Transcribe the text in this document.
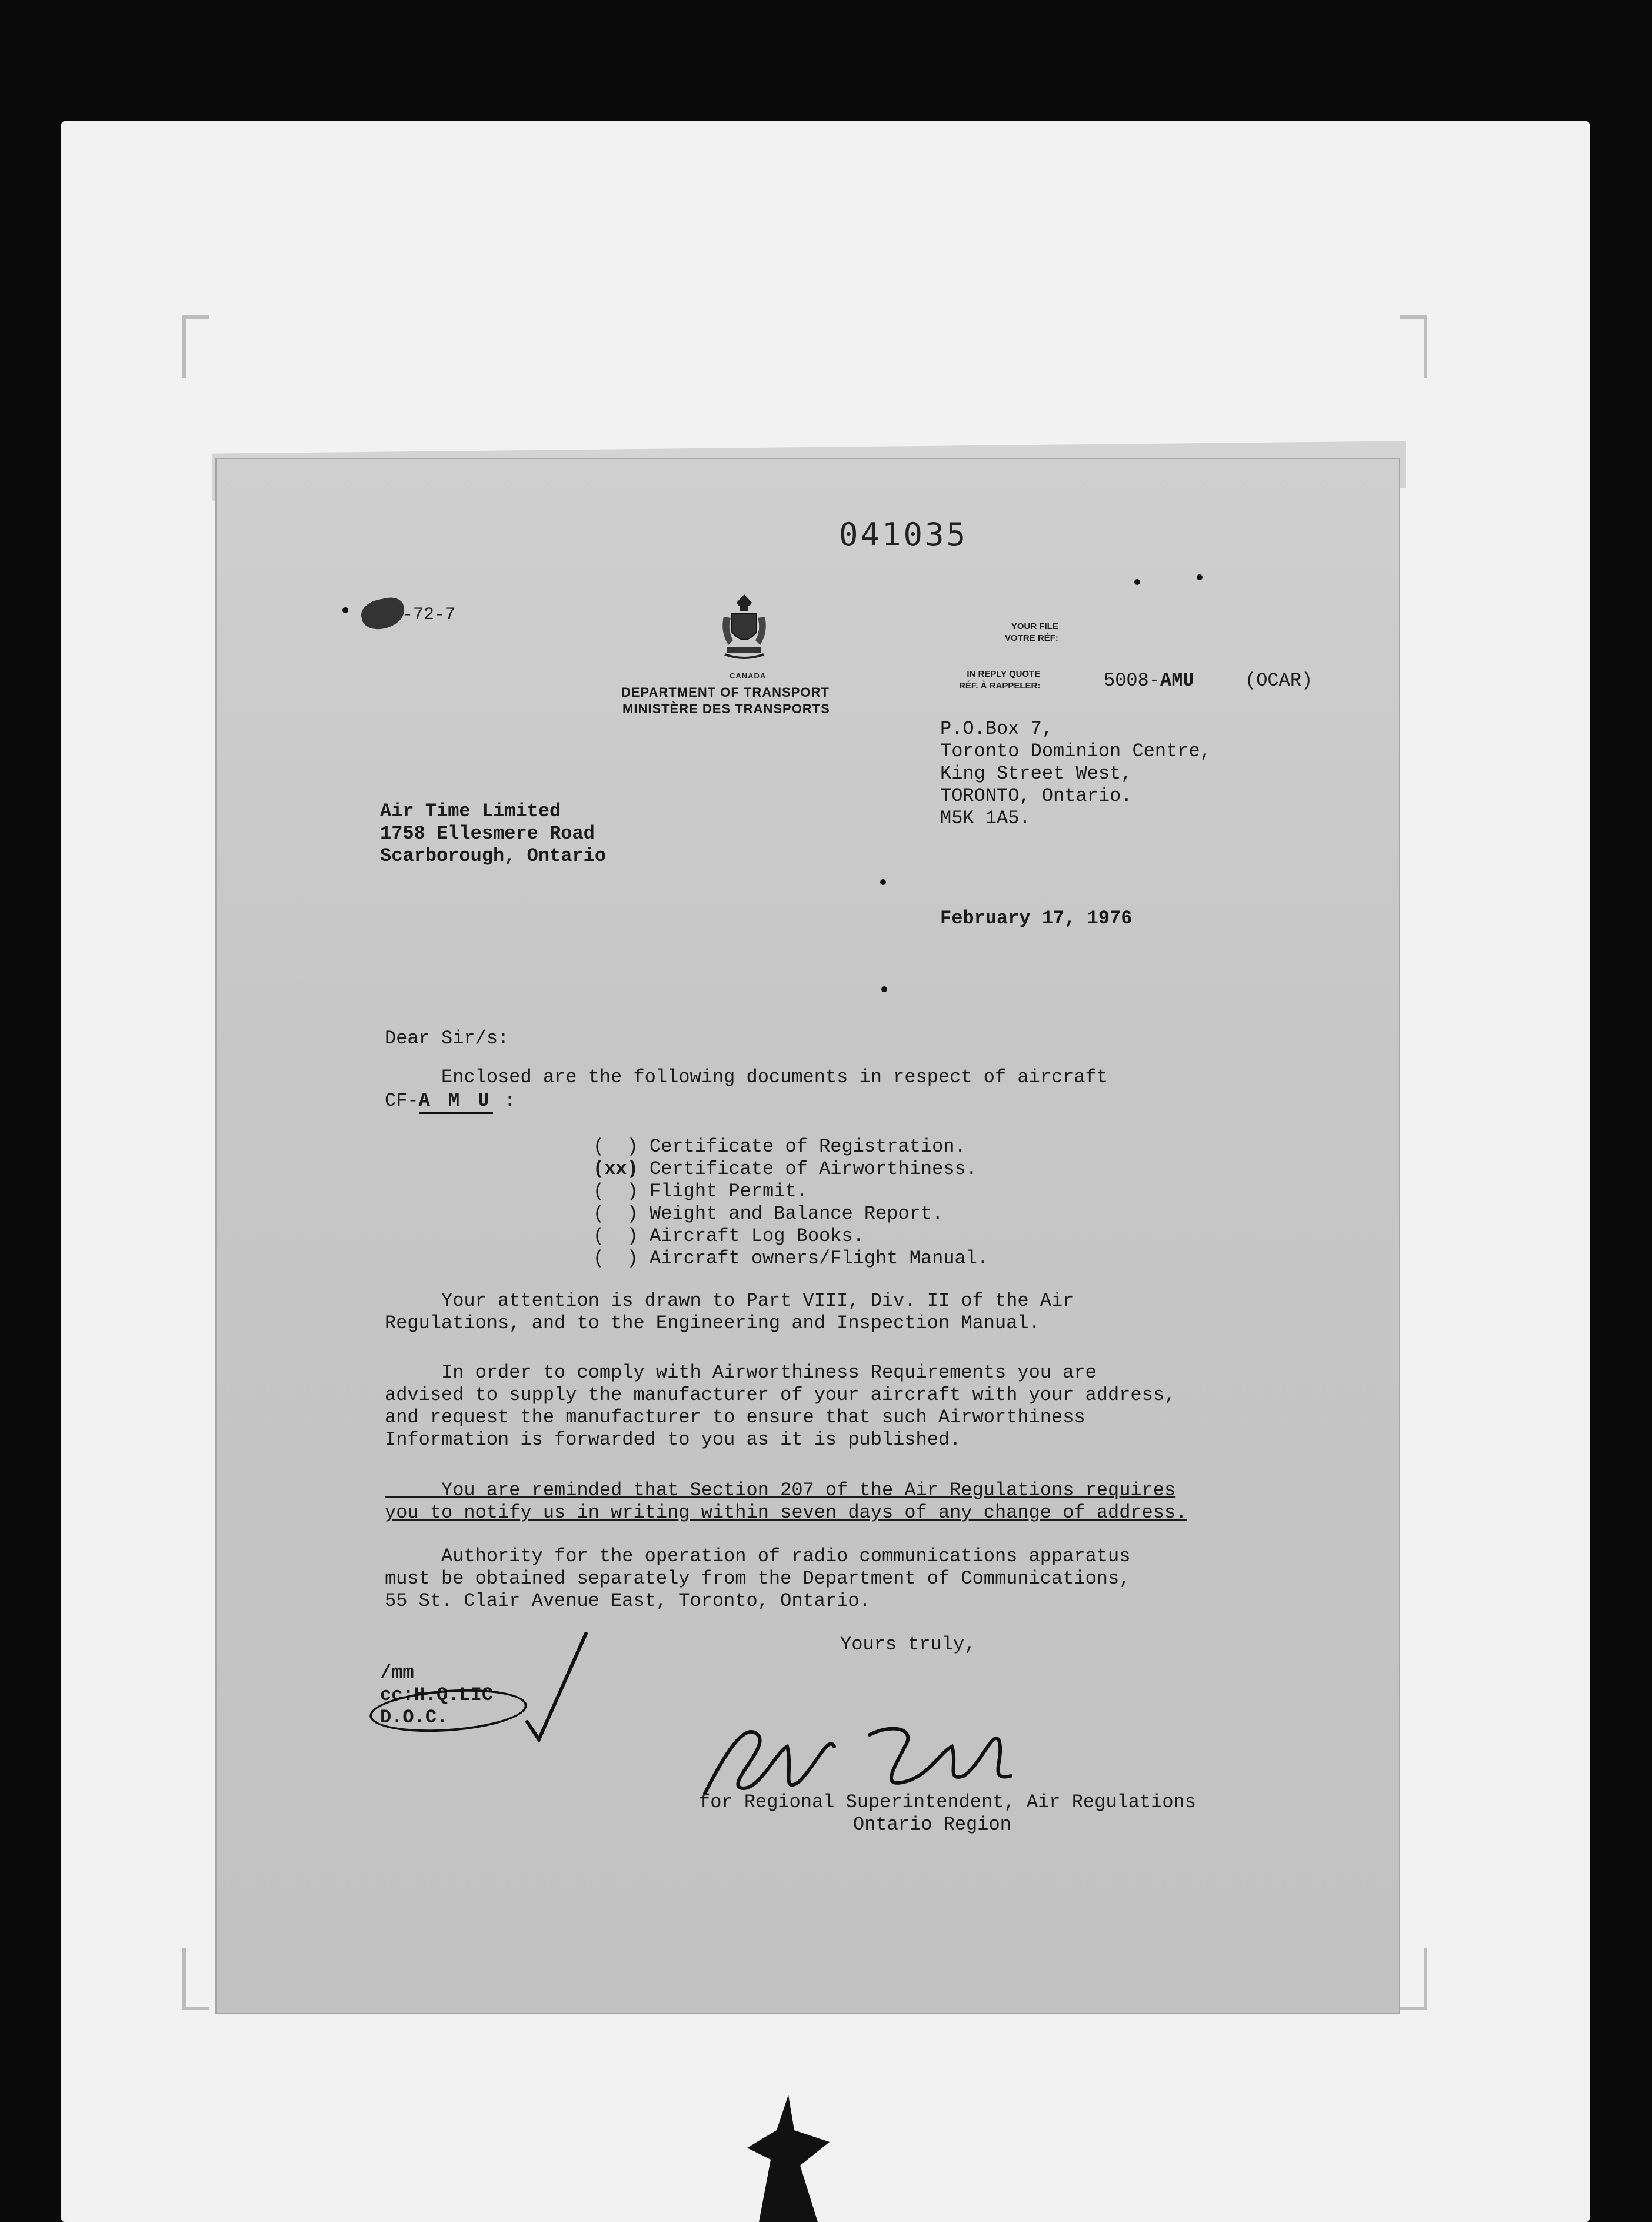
041035
-72-7
CANADA
DEPARTMENT OF TRANSPORT
MINISTÈRE DES TRANSPORTS
YOUR FILE
VOTRE RÉF:
IN REPLY QUOTE
RÉF. À RAPPELER:	5008-AMU	(OCAR)
P.O.Box 7,
Toronto Dominion Centre,
King Street West,
TORONTO, Ontario.
M5K 1A5.
Air Time Limited
1758 Ellesmere Road
Scarborough, Ontario
February 17, 1976
Dear Sir/s:
Enclosed are the following documents in respect of aircraft
CF-A M U :
(  ) Certificate of Registration.
(xx) Certificate of Airworthiness.
(  ) Flight Permit.
(  ) Weight and Balance Report.
(  ) Aircraft Log Books.
(  ) Aircraft owners/Flight Manual.
Your attention is drawn to Part VIII, Div. II of the Air
Regulations, and to the Engineering and Inspection Manual.
In order to comply with Airworthiness Requirements you are
advised to supply the manufacturer of your aircraft with your address,
and request the manufacturer to ensure that such Airworthiness
Information is forwarded to you as it is published.
You are reminded that Section 207 of the Air Regulations requires
you to notify us in writing within seven days of any change of address.
Authority for the operation of radio communications apparatus
must be obtained separately from the Department of Communications,
55 St. Clair Avenue East, Toronto, Ontario.
Yours truly,
/mm
cc:H.Q.LIC
D.O.C.
for Regional Superintendent, Air Regulations
Ontario Region
